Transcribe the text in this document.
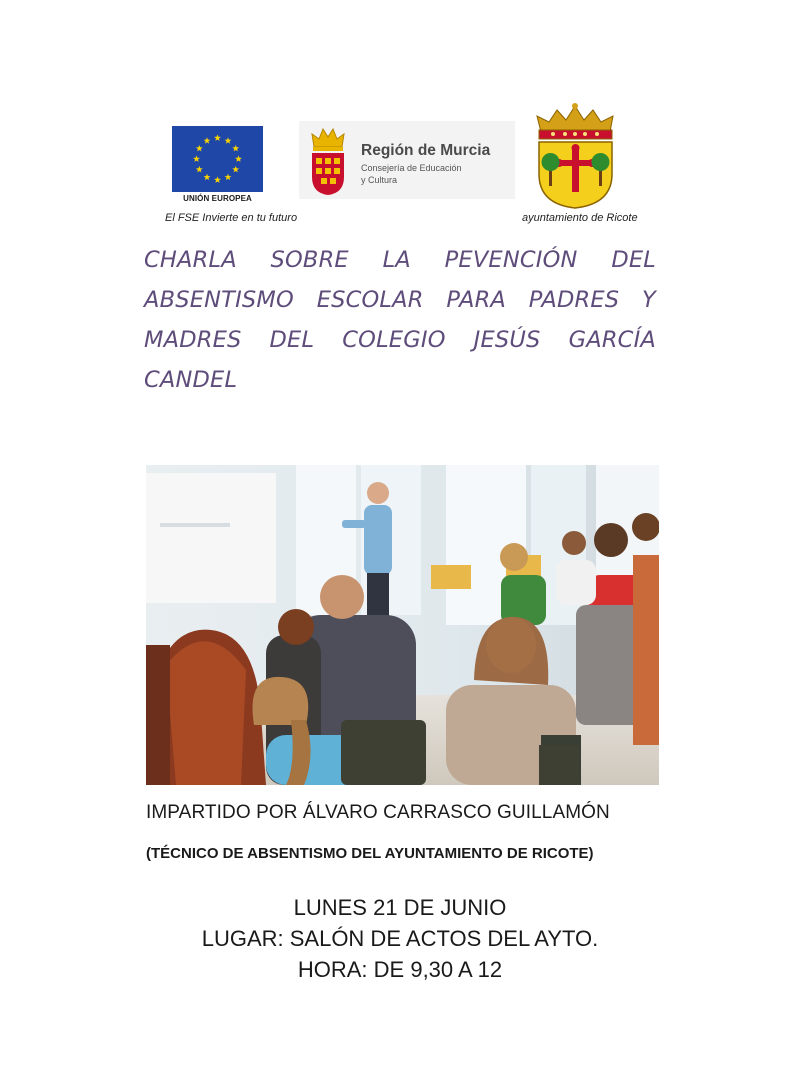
UNIÓN EUROPEA
El FSE Invierte en tu futuro
Región de Murcia
Consejería de Educación
y Cultura
ayuntamiento de Ricote
CHARLA SOBRE LA PEVENCIÓN DEL
ABSENTISMO ESCOLAR PARA PADRES Y
MADRES DEL COLEGIO JESÚS GARCÍA
CANDEL
IMPARTIDO POR ÁLVARO CARRASCO GUILLAMÓN
(TÉCNICO DE ABSENTISMO DEL AYUNTAMIENTO DE RICOTE)
LUNES 21 DE JUNIO
LUGAR: SALÓN DE ACTOS DEL AYTO.
HORA: DE 9,30 A 12
